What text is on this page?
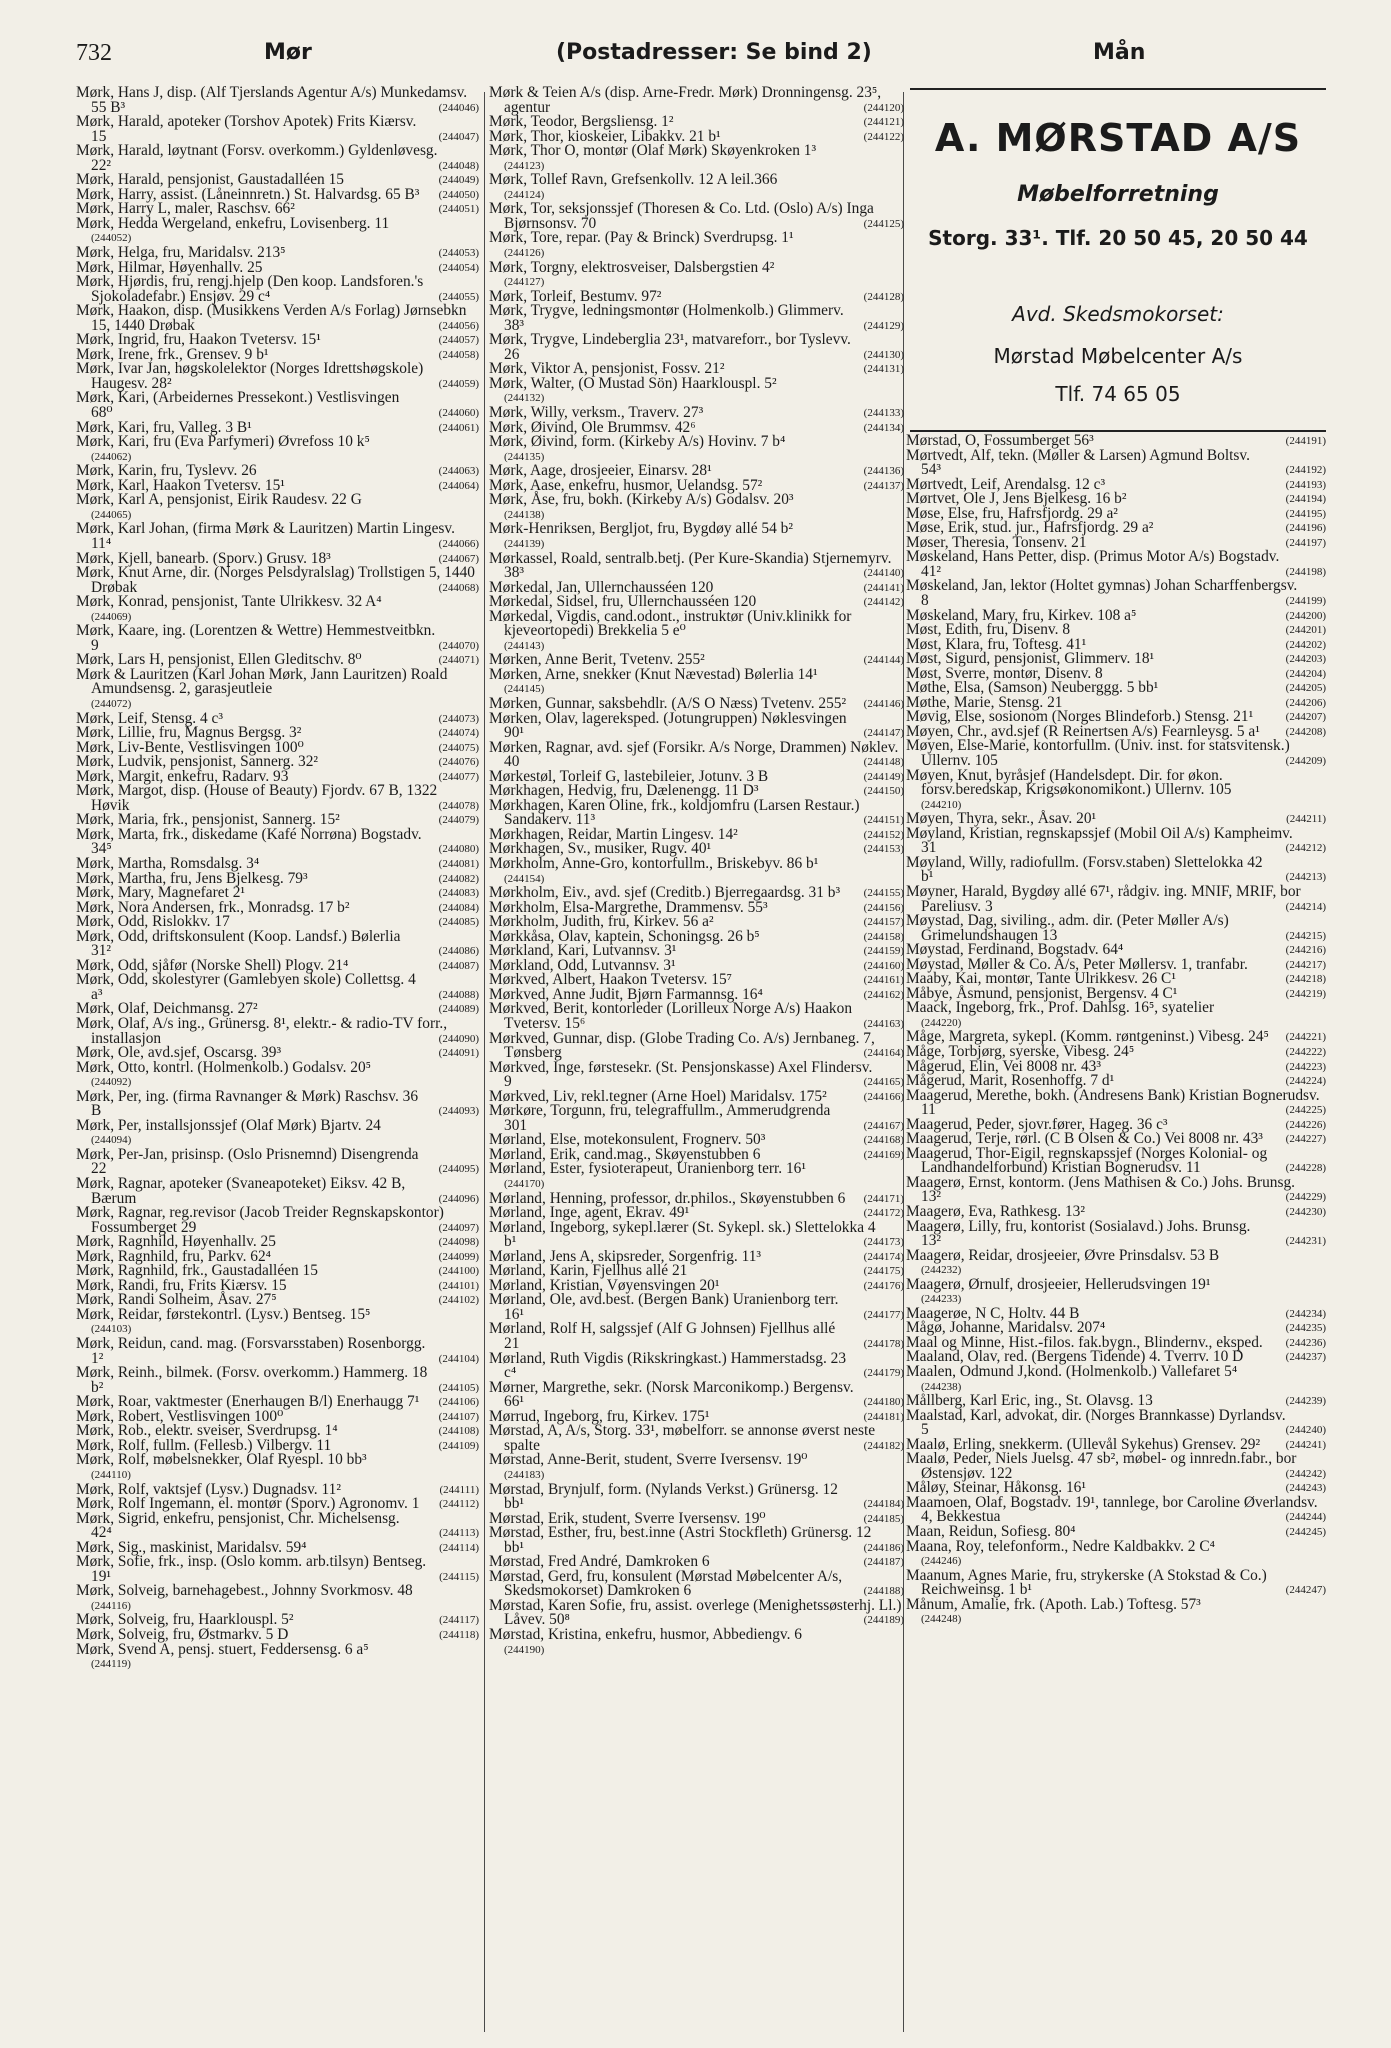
732	Mør	(Postadresser: Se bind 2)	Mån

Mørk, Hans J, disp. (Alf Tjerslands Agentur A/s) Munkedamsv. 55 B³	(244046)

Mørk, Harald, apoteker (Torshov Apotek) Frits Kiærsv. 15	(244047)

Mørk, Harald, løytnant (Forsv. overkomm.) Gyldenløvesg. 22²	(244048)

Mørk, Harald, pensjonist, Gaustadalléen 15	(244049)

Mørk, Harry, assist. (Låneinnretn.) St. Halvardsg. 65 B³ (244050)

Mørk, Harry L, maler, Raschsv. 66²	(244051)

Mørk, Hedda Wergeland, enkefru, Lovisenberg. 11
(244052)

Mørk, Helga, fru, Maridalsv. 213⁵	(244053)

Mørk, Hilmar, Høyenhallv. 25	(244054)

Mørk, Hjørdis, fru, rengj.hjelp (Den koop. Landsforen.'s Sjokoladefabr.) Ensjøv. 29 c⁴	(244055)

Mørk, Haakon, disp. (Musikkens Verden A/s Forlag) Jørnsebkn 15, 1440 Drøbak	(244056)

Mørk, Ingrid, fru, Haakon Tvetersv. 15¹	(244057)

Mørk, Irene, frk., Grensev. 9 b¹	(244058)

Mørk, Ivar Jan, høgskolelektor (Norges Idrettshøgskole) Haugesv. 28²	(244059)

Mørk, Kari, (Arbeidernes Pressekont.) Vestlisvingen 68⁰	(244060)

Mørk, Kari, fru, Valleg. 3 B¹	(244061)

Mørk, Kari, fru (Eva Parfymeri) Øvrefoss 10 k⁵
(244062)

Mørk, Karin, fru, Tyslevv. 26	(244063)

Mørk, Karl, Haakon Tvetersv. 15¹	(244064)

Mørk, Karl A, pensjonist, Eirik Raudesv. 22 G
(244065)

Mørk, Karl Johan, (firma Mørk & Lauritzen) Martin Lingesv. 11⁴	(244066)

Mørk, Kjell, banearb. (Sporv.) Grusv. 18³	(244067)

Mørk, Knut Arne, dir. (Norges Pelsdyralslag) Trollstigen 5, 1440 Drøbak	(244068)

Mørk, Konrad, pensjonist, Tante Ulrikkesv. 32 A⁴
(244069)

Mørk, Kaare, ing. (Lorentzen & Wettre) Hemmestveitbkn. 9	(244070)

Mørk, Lars H, pensjonist, Ellen Gleditschv. 8⁰	(244071)

Mørk & Lauritzen (Karl Johan Mørk, Jann Lauritzen) Roald Amundsensg. 2, garasjeutleie
(244072)

Mørk, Leif, Stensg. 4 c³	(244073)

Mørk, Lillie, fru, Magnus Bergsg. 3²	(244074)

Mørk, Liv-Bente, Vestlisvingen 100⁰	(244075)

Mørk, Ludvik, pensjonist, Sannerg. 32²	(244076)

Mørk, Margit, enkefru, Radarv. 93	(244077)

Mørk, Margot, disp. (House of Beauty) Fjordv. 67 B, 1322 Høvik	(244078)

Mørk, Maria, frk., pensjonist, Sannerg. 15²	(244079)

Mørk, Marta, frk., diskedame (Kafé Norrøna) Bogstadv. 34⁵	(244080)

Mørk, Martha, Romsdalsg. 3⁴	(244081)

Mørk, Martha, fru, Jens Bjelkesg. 79³	(244082)

Mørk, Mary, Magnefaret 2¹	(244083)

Mørk, Nora Andersen, frk., Monradsg. 17 b²	(244084)

Mørk, Odd, Rislokkv. 17	(244085)

Mørk, Odd, driftskonsulent (Koop. Landsf.) Bølerlia 31²	(244086)

Mørk, Odd, sjåfør (Norske Shell) Plogv. 21⁴	(244087)

Mørk, Odd, skolestyrer (Gamlebyen skole) Collettsg. 4 a³	(244088)

Mørk, Olaf, Deichmansg. 27²	(244089)

Mørk, Olaf, A/s ing., Grünersg. 8¹, elektr.- & radio-TV forr., installasjon	(244090)

Mørk, Ole, avd.sjef, Oscarsg. 39³	(244091)

Mørk, Otto, kontrl. (Holmenkolb.) Godalsv. 20⁵
(244092)

Mørk, Per, ing. (firma Ravnanger & Mørk) Raschsv. 36 B	(244093)

Mørk, Per, installsjonssjef (Olaf Mørk) Bjartv. 24
(244094)

Mørk, Per-Jan, prisinsp. (Oslo Prisnemnd) Disengrenda 22	(244095)

Mørk, Ragnar, apoteker (Svaneapoteket) Eiksv. 42 B, Bærum	(244096)

Mørk, Ragnar, reg.revisor (Jacob Treider Regnskapskontor) Fossumberget 29	(244097)

Mørk, Ragnhild, Høyenhallv. 25	(244098)

Mørk, Ragnhild, fru, Parkv. 62⁴	(244099)

Mørk, Ragnhild, frk., Gaustadalléen 15	(244100)

Mørk, Randi, fru, Frits Kiærsv. 15	(244101)

Mørk, Randi Solheim, Åsav. 27⁵	(244102)

Mørk, Reidar, førstekontrl. (Lysv.) Bentseg. 15⁵
(244103)

Mørk, Reidun, cand. mag. (Forsvarsstaben) Rosenborgg. 1²	(244104)

Mørk, Reinh., bilmek. (Forsv. overkomm.) Hammerg. 18 b²	(244105)

Mørk, Roar, vaktmester (Enerhaugen B/l) Enerhaugg 7¹ (244106)

Mørk, Robert, Vestlisvingen 100⁰	(244107)

Mørk, Rob., elektr. sveiser, Sverdrupsg. 1⁴	(244108)

Mørk, Rolf, fullm. (Fellesb.) Vilbergv. 11	(244109)

Mørk, Rolf, møbelsnekker, Olaf Ryespl. 10 bb³
(244110)

Mørk, Rolf, vaktsjef (Lysv.) Dugnadsv. 11²	(244111)

Mørk, Rolf Ingemann, el. montør (Sporv.) Agronomv. 1 (244112)

Mørk, Sigrid, enkefru, pensjonist, Chr. Michelsensg. 42⁴	(244113)

Mørk, Sig., maskinist, Maridalsv. 59⁴	(244114)

Mørk, Sofie, frk., insp. (Oslo komm. arb.tilsyn) Bentseg. 19¹	(244115)

Mørk, Solveig, barnehagebest., Johnny Svorkmosv. 48
(244116)

Mørk, Solveig, fru, Haarklouspl. 5²	(244117)

Mørk, Solveig, fru, Østmarkv. 5 D	(244118)

Mørk, Svend A, pensj. stuert, Feddersensg. 6 a⁵
(244119)

Mørk & Teien A/s (disp. Arne-Fredr. Mørk) Dronningensg. 23⁵, agentur	(244120)

Mørk, Teodor, Bergsliensg. 1²	(244121)

Mørk, Thor, kioskeier, Libakkv. 21 b¹	(244122)

Mørk, Thor O, montør (Olaf Mørk) Skøyenkroken 1³
(244123)

Mørk, Tollef Ravn, Grefsenkollv. 12 A leil.366
(244124)

Mørk, Tor, seksjonssjef (Thoresen & Co. Ltd. (Oslo) A/s) Inga Bjørnsonsv. 70	(244125)

Mørk, Tore, repar. (Pay & Brinck) Sverdrupsg. 1¹
(244126)

Mørk, Torgny, elektrosveiser, Dalsbergstien 4²
(244127)

Mørk, Torleif, Bestumv. 97²	(244128)

Mørk, Trygve, ledningsmontør (Holmenkolb.) Glimmerv. 38³	(244129)

Mørk, Trygve, Lindeberglia 23¹, matvareforr., bor Tyslevv. 26	(244130)

Mørk, Viktor A, pensjonist, Fossv. 21²	(244131)

Mørk, Walter, (O Mustad Sön) Haarklouspl. 5²
(244132)

Mørk, Willy, verksm., Traverv. 27³	(244133)

Mørk, Øivind, Ole Brummsv. 42⁶	(244134)

Mørk, Øivind, form. (Kirkeby A/s) Hovinv. 7 b⁴
(244135)

Mørk, Aage, drosjeeier, Einarsv. 28¹	(244136)

Mørk, Aase, enkefru, husmor, Uelandsg. 57²	(244137)

Mørk, Åse, fru, bokh. (Kirkeby A/s) Godalsv. 20³
(244138)

Mørk-Henriksen, Bergljot, fru, Bygdøy allé 54 b²
(244139)

Mørkassel, Roald, sentralb.betj. (Per Kure-Skandia) Stjernemyrv. 38³	(244140)

Mørkedal, Jan, Ullernchausséen 120	(244141)

Mørkedal, Sidsel, fru, Ullernchausséen 120	(244142)

Mørkedal, Vigdis, cand.odont., instruktør (Univ.klinikk for kjeveortopedi) Brekkelia 5 e⁰
(244143)

Mørken, Anne Berit, Tvetenv. 255²	(244144)

Mørken, Arne, snekker (Knut Nævestad) Bølerlia 14¹
(244145)

Mørken, Gunnar, saksbehdlr. (A/S O Næss) Tvetenv. 255² (244146)

Mørken, Olav, lagereksped. (Jotungruppen) Nøklesvingen 90¹	(244147)

Mørken, Ragnar, avd. sjef (Forsikr. A/s Norge, Drammen) Nøklev. 40	(244148)

Mørkestøl, Torleif G, lastebileier, Jotunv. 3 B	(244149)

Mørkhagen, Hedvig, fru, Dælenengg. 11 D³	(244150)

Mørkhagen, Karen Oline, frk., koldjomfru (Larsen Restaur.) Sandakerv. 11³	(244151)

Mørkhagen, Reidar, Martin Lingesv. 14²	(244152)

Mørkhagen, Sv., musiker, Rugv. 40¹	(244153)

Mørkholm, Anne-Gro, kontorfullm., Briskebyv. 86 b¹
(244154)

Mørkholm, Eiv., avd. sjef (Creditb.) Bjerregaardsg. 31 b³ (244155)

Mørkholm, Elsa-Margrethe, Drammensv. 55³	(244156)

Mørkholm, Judith, fru, Kirkev. 56 a²	(244157)

Mørkkåsa, Olav, kaptein, Schoningsg. 26 b⁵	(244158)

Mørkland, Kari, Lutvannsv. 3¹	(244159)

Mørkland, Odd, Lutvannsv. 3¹	(244160)

Mørkved, Albert, Haakon Tvetersv. 15⁷	(244161)

Mørkved, Anne Judit, Bjørn Farmannsg. 16⁴	(244162)

Mørkved, Berit, kontorleder (Lorilleux Norge A/s) Haakon Tvetersv. 15⁶	(244163)

Mørkved, Gunnar, disp. (Globe Trading Co. A/s) Jernbaneg. 7, Tønsberg	(244164)

Mørkved, Inge, førstesekr. (St. Pensjonskasse) Axel Flindersv. 9	(244165)

Mørkved, Liv, rekl.tegner (Arne Hoel) Maridalsv. 175²	(244166)

Mørkøre, Torgunn, fru, telegraffullm., Ammerudgrenda 301	(244167)

Mørland, Else, motekonsulent, Frognerv. 50³	(244168)

Mørland, Erik, cand.mag., Skøyenstubben 6	(244169)

Mørland, Ester, fysioterapeut, Uranienborg terr. 16¹
(244170)

Mørland, Henning, professor, dr.philos., Skøyenstubben 6 (244171)

Mørland, Inge, agent, Ekrav. 49¹	(244172)

Mørland, Ingeborg, sykepl.lærer (St. Sykepl. sk.) Slettelokka 4 b¹	(244173)

Mørland, Jens A, skipsreder, Sorgenfrig. 11³	(244174)

Mørland, Karin, Fjellhus allé 21	(244175)

Mørland, Kristian, Vøyensvingen 20¹	(244176)

Mørland, Ole, avd.best. (Bergen Bank) Uranienborg terr. 16¹	(244177)

Mørland, Rolf H, salgssjef (Alf G Johnsen) Fjellhus allé 21	(244178)

Mørland, Ruth Vigdis (Rikskringkast.) Hammerstadsg. 23 c⁴	(244179)

Mørner, Margrethe, sekr. (Norsk Marconikomp.) Bergensv. 66¹	(244180)

Mørrud, Ingeborg, fru, Kirkev. 175¹	(244181)

Mørstad, A, A/s, Storg. 33¹, møbelforr. se annonse øverst neste spalte	(244182)

Mørstad, Anne-Berit, student, Sverre Iversensv. 19⁰
(244183)

Mørstad, Brynjulf, form. (Nylands Verkst.) Grünersg. 12 bb¹	(244184)

Mørstad, Erik, student, Sverre Iversensv. 19⁰	(244185)

Mørstad, Esther, fru, best.inne (Astri Stockfleth) Grünersg. 12 bb¹	(244186)

Mørstad, Fred André, Damkroken 6	(244187)

Mørstad, Gerd, fru, konsulent (Mørstad Møbelcenter A/s, Skedsmokorset) Damkroken 6	(244188)

Mørstad, Karen Sofie, fru, assist. overlege (Menighetssøsterhj. Ll.) Låvev. 50⁸	(244189)

Mørstad, Kristina, enkefru, husmor, Abbediengv. 6
(244190)

A. MØRSTAD A/S
Møbelforretning
Storg. 33¹. Tlf. 20 50 45, 20 50 44
Avd. Skedsmokorset:
Mørstad Møbelcenter A/s
Tlf. 74 65 05

Mørstad, O, Fossumberget 56³	(244191)

Mørtvedt, Alf, tekn. (Møller & Larsen) Agmund Boltsv. 54³	(244192)

Mørtvedt, Leif, Arendalsg. 12 c³	(244193)

Mørtvet, Ole J, Jens Bjelkesg. 16 b²	(244194)

Møse, Else, fru, Hafrsfjordg. 29 a²	(244195)

Møse, Erik, stud. jur., Hafrsfjordg. 29 a²	(244196)

Møser, Theresia, Tonsenv. 21	(244197)

Møskeland, Hans Petter, disp. (Primus Motor A/s) Bogstadv. 41²	(244198)

Møskeland, Jan, lektor (Holtet gymnas) Johan Scharffenbergsv. 8	(244199)

Møskeland, Mary, fru, Kirkev. 108 a⁵	(244200)

Møst, Edith, fru, Disenv. 8	(244201)

Møst, Klara, fru, Toftesg. 41¹	(244202)

Møst, Sigurd, pensjonist, Glimmerv. 18¹	(244203)

Møst, Sverre, montør, Disenv. 8	(244204)

Møthe, Elsa, (Samson) Neuberggg. 5 bb¹	(244205)

Møthe, Marie, Stensg. 21	(244206)

Møvig, Else, sosionom (Norges Blindeforb.) Stensg. 21¹	(244207)

Møyen, Chr., avd.sjef (R Reinertsen A/s) Fearnleysg. 5 a¹ (244208)

Møyen, Else-Marie, kontorfullm. (Univ. inst. for statsvitensk.) Ullernv. 105	(244209)

Møyen, Knut, byråsjef (Handelsdept. Dir. for økon. forsv.beredskap, Krigsøkonomikont.) Ullernv. 105
(244210)

Møyen, Thyra, sekr., Åsav. 20¹	(244211)

Møyland, Kristian, regnskapssjef (Mobil Oil A/s) Kampheimv. 31	(244212)

Møyland, Willy, radiofullm. (Forsv.staben) Slettelokka 42 b¹	(244213)

Møyner, Harald, Bygdøy allé 67¹, rådgiv. ing. MNIF, MRIF, bor Pareliusv. 3	(244214)

Møystad, Dag, siviling., adm. dir. (Peter Møller A/s) Grimelundshaugen 13	(244215)

Møystad, Ferdinand, Bogstadv. 64⁴	(244216)

Møystad, Møller & Co. A/s, Peter Møllersv. 1, tranfabr.	(244217)

Maaby, Kai, montør, Tante Ulrikkesv. 26 C¹	(244218)

Måbye, Åsmund, pensjonist, Bergensv. 4 C¹	(244219)

Maack, Ingeborg, frk., Prof. Dahlsg. 16⁵, syatelier
(244220)

Måge, Margreta, sykepl. (Komm. røntgeninst.) Vibesg. 24⁵ (244221)

Måge, Torbjørg, syerske, Vibesg. 24⁵	(244222)

Mågerud, Elin, Vei 8008 nr. 43³	(244223)

Mågerud, Marit, Rosenhoffg. 7 d¹	(244224)

Maagerud, Merethe, bokh. (Andresens Bank) Kristian Bognerudsv. 11	(244225)

Maagerud, Peder, sjovr.fører, Hageg. 36 c³	(244226)

Maagerud, Terje, rørl. (C B Olsen & Co.) Vei 8008 nr. 43³ (244227)

Maagerud, Thor-Eigil, regnskapssjef (Norges Kolonial- og Landhandelforbund) Kristian Bognerudsv. 11	(244228)

Maagerø, Ernst, kontorm. (Jens Mathisen & Co.) Johs. Brunsg. 13²	(244229)

Maagerø, Eva, Rathkesg. 13²	(244230)

Maagerø, Lilly, fru, kontorist (Sosialavd.) Johs. Brunsg. 13²	(244231)

Maagerø, Reidar, drosjeeier, Øvre Prinsdalsv. 53 B
(244232)

Maagerø, Ørnulf, drosjeeier, Hellerudsvingen 19¹
(244233)

Maagerøe, N C, Holtv. 44 B	(244234)

Mågø, Johanne, Maridalsv. 207⁴	(244235)

Maal og Minne, Hist.-filos. fak.bygn., Blindernv., eksped. (244236)

Maaland, Olav, red. (Bergens Tidende) 4. Tverrv. 10 D	(244237)

Maalen, Odmund J,kond. (Holmenkolb.) Vallefaret 5⁴
(244238)

Mållberg, Karl Eric, ing., St. Olavsg. 13	(244239)

Maalstad, Karl, advokat, dir. (Norges Brannkasse) Dyrlandsv. 5	(244240)

Maalø, Erling, snekkerm. (Ullevål Sykehus) Grensev. 29² (244241)

Maalø, Peder, Niels Juelsg. 47 sb², møbel- og innredn.fabr., bor Østensjøv. 122	(244242)

Måløy, Steinar, Håkonsg. 16¹	(244243)

Maamoen, Olaf, Bogstadv. 19¹, tannlege, bor Caroline Øverlandsv. 4, Bekkestua	(244244)

Maan, Reidun, Sofiesg. 80⁴	(244245)

Maana, Roy, telefonform., Nedre Kaldbakkv. 2 C⁴
(244246)

Maanum, Agnes Marie, fru, strykerske (A Stokstad & Co.) Reichweinsg. 1 b¹	(244247)

Månum, Amalie, frk. (Apoth. Lab.) Toftesg. 57³
(244248)
